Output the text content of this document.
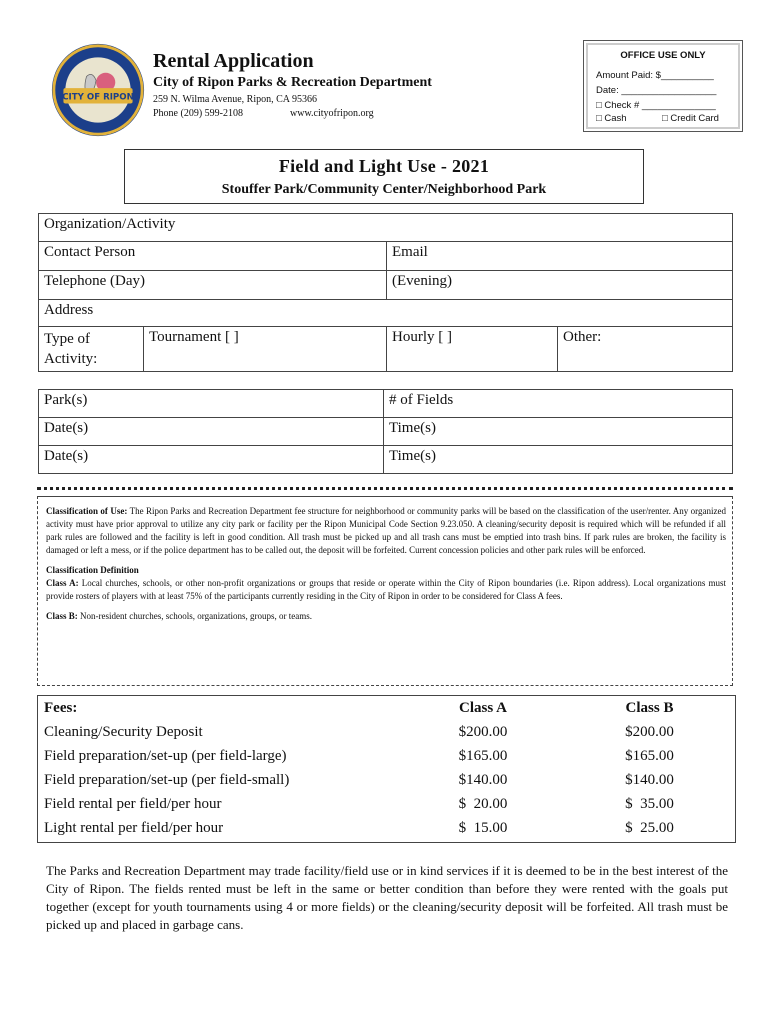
CITY OF RIPON
Rental Application
City of Ripon Parks & Recreation Department
259 N. Wilma Avenue, Ripon, CA 95366
Phone (209) 599-2108	www.cityofripon.org
OFFICE USE ONLY
Amount Paid: $__________
Date: __________________
□ Check # ______________
□ Cash	□ Credit Card
Field and Light Use - 2021
Stouffer Park/Community Center/Neighborhood Park
Organization/Activity			
Contact Person		Email	
Telephone (Day)		(Evening)	
Address			

Type of
Activity:	Tournament [ ]	Hourly [ ]	Other:
Park(s)	# of Fields
Date(s)	Time(s)
Date(s)	Time(s)

Classification of Use: The Ripon Parks and Recreation Department fee structure for neighborhood or community parks will be based on the classification of the user/renter. Any organized activity must have prior approval to utilize any city park or facility per the Ripon Municipal Code Section 9.23.050. A cleaning/security deposit is required which will be refunded if all park rules are followed and the facility is left in good condition. All trash must be picked up and all trash cans must be emptied into trash bins. If park rules are broken, the facility is damaged or left a mess, or if the police department has to be called out, the deposit will be forfeited. Current concession policies and other park rules will be enforced.

Classification Definition

Class A: Local churches, schools, or other non-profit organizations or groups that reside or operate within the City of Ripon boundaries (i.e. Ripon address). Local organizations must provide rosters of players with at least 75% of the participants currently residing in the City of Ripon in order to be considered for Class A fees.

Class B: Non-resident churches, schools, organizations, groups, or teams.

Fees:	Class A	Class B
Cleaning/Security Deposit	$200.00	$200.00
Field preparation/set-up (per field-large)	$165.00	$165.00
Field preparation/set-up (per field-small)	$140.00	$140.00
Field rental per field/per hour	$  20.00	$  35.00
Light rental per field/per hour	$  15.00	$  25.00
The Parks and Recreation Department may trade facility/field use or in kind services if it is deemed to be in the best interest of the City of Ripon. The fields rented must be left in the same or better condition than before they were rented with the goals put together (except for youth tournaments using 4 or more fields) or the cleaning/security deposit will be forfeited. All trash must be picked up and placed in garbage cans.
